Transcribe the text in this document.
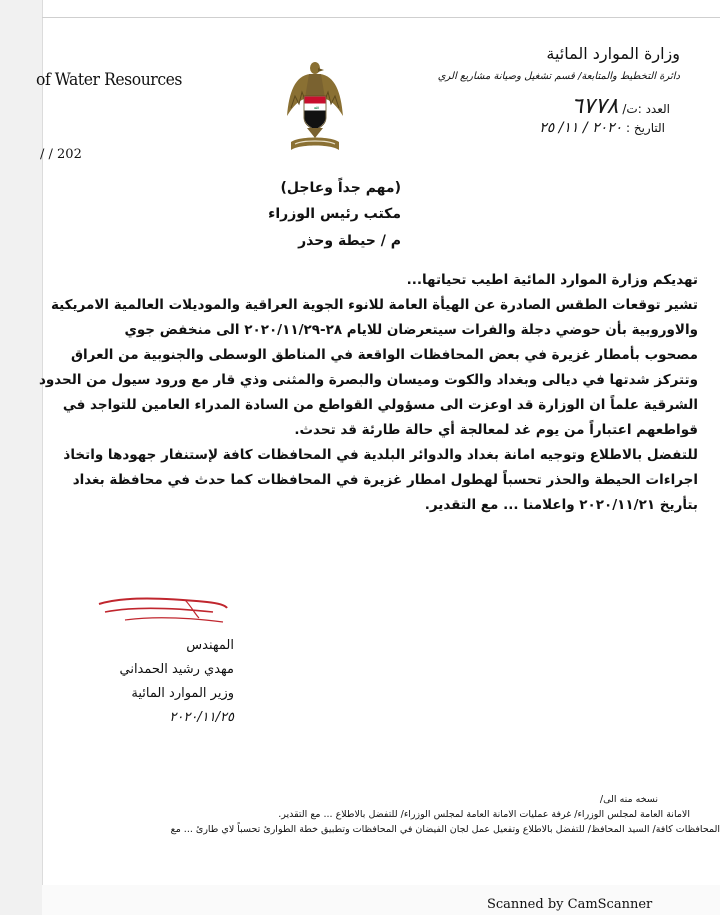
of Water Resources
/ / 202
ﷲ
وزارة الموارد المائية
دائرة التخطيط والمتابعة/ قسم تشغيل وصيانة مشاريع الري
العدد :ت/٦٧٧٨
التاريخ : ٢٠٢٠ / ١١/ ٢٥
(مهم جداً وعاجل)
مكتب رئيس الوزراء
م / حيطة وحذر
تهديكم وزارة الموارد المائية اطيب تحياتها...
تشير توقعات الطقس الصادرة عن الهيأة العامة للانوء الجوية العراقية والموديلات العالمية الامريكية
والاوروبية بأن حوضي دجلة والفرات سيتعرضان للايام ٢٨-٢٠٢٠/١١/٢٩ الى منخفض جوي
مصحوب بأمطار غزيرة في بعض المحافظات الواقعة في المناطق الوسطى والجنوبية من العراق
وتتركز شدتها في ديالى وبغداد والكوت وميسان والبصرة والمثنى وذي قار مع ورود سيول من الحدود
الشرقية علماً ان الوزارة قد اوعزت الى مسؤولي القواطع من السادة المدراء العامين للتواجد في
قواطعهم اعتباراً من يوم غد لمعالجة أي حالة طارئة قد تحدث.
للتفضل بالاطلاع وتوجيه امانة بغداد والدوائر البلدية في المحافظات كافة لإستنفار جهودها واتخاذ
اجراءات الحيطة والحذر تحسباً لهطول امطار غزيرة في المحافظات كما حدث في محافظة بغداد
بتأريخ ٢٠٢٠/١١/٢١ واعلامنا ... مع التقدير.
المهندس
مهدي رشيد الحمداني
وزير الموارد المائية
٢٠٢٠/١١/٢٥
نسخه منه الى/
الامانة العامة لمجلس الوزراء/ غرفة عمليات الامانة العامة لمجلس الوزراء/ للتفضل بالاطلاع ... مع التقدير.
المحافظات كافة/ السيد المحافظ/ للتفضل بالاطلاع وتفعيل عمل لجان الفيضان في المحافظات وتطبيق خطة الطوارئ تحسباً لاي طارئ ... مع
Scanned by CamScanner
